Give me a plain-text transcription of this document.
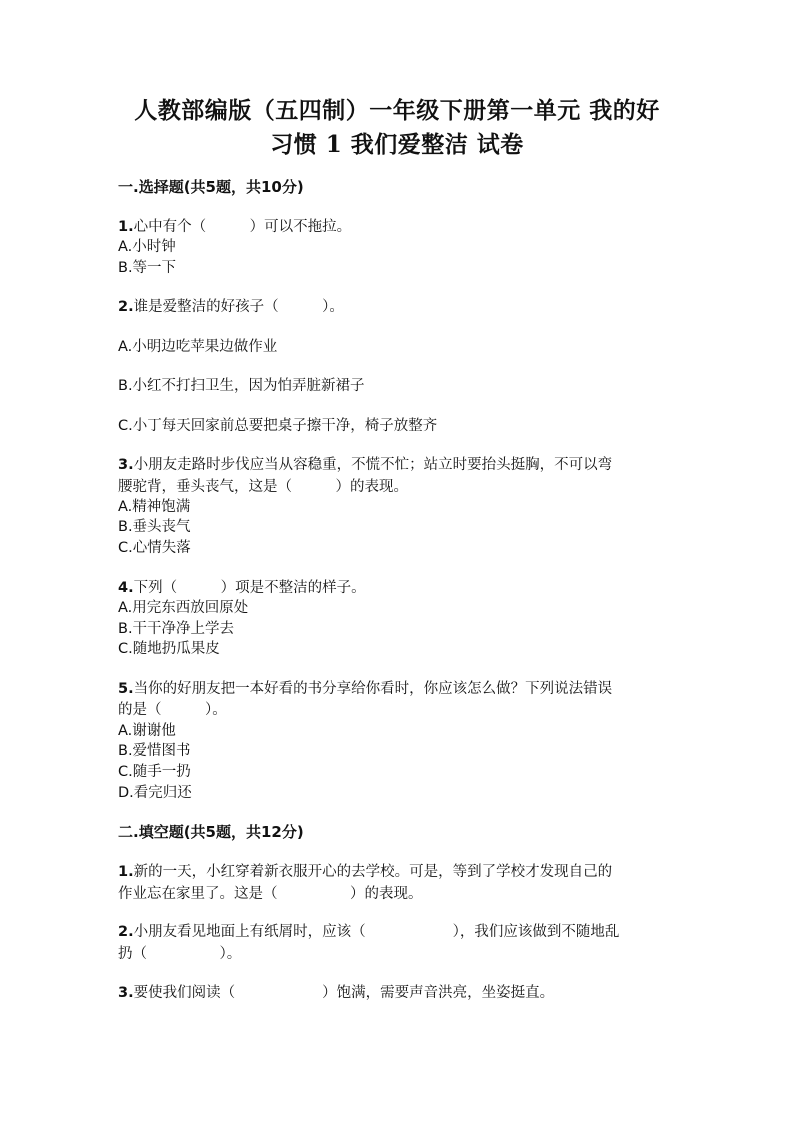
人教部编版（五四制）一年级下册第一单元 我的好
习惯 1 我们爱整洁 试卷
一.选择题(共5题，共10分)
1.心中有个（　　　）可以不拖拉。
A.小时钟
B.等一下
2.谁是爱整洁的好孩子（　　　）。
A.小明边吃苹果边做作业
B.小红不打扫卫生，因为怕弄脏新裙子
C.小丁每天回家前总要把桌子擦干净，椅子放整齐
3.小朋友走路时步伐应当从容稳重，不慌不忙；站立时要抬头挺胸，不可以弯
腰驼背，垂头丧气，这是（　　　）的表现。
A.精神饱满
B.垂头丧气
C.心情失落
4.下列（　　　）项是不整洁的样子。
A.用完东西放回原处
B.干干净净上学去
C.随地扔瓜果皮
5.当你的好朋友把一本好看的书分享给你看时，你应该怎么做？下列说法错误
的是（　　　）。
A.谢谢他
B.爱惜图书
C.随手一扔
D.看完归还
二.填空题(共5题，共12分)
1.新的一天，小红穿着新衣服开心的去学校。可是，等到了学校才发现自己的
作业忘在家里了。这是（　　　　　）的表现。
2.小朋友看见地面上有纸屑时，应该（　　　　　　），我们应该做到不随地乱
扔（　　　　　）。
3.要使我们阅读（　　　　　　）饱满，需要声音洪亮，坐姿挺直。
